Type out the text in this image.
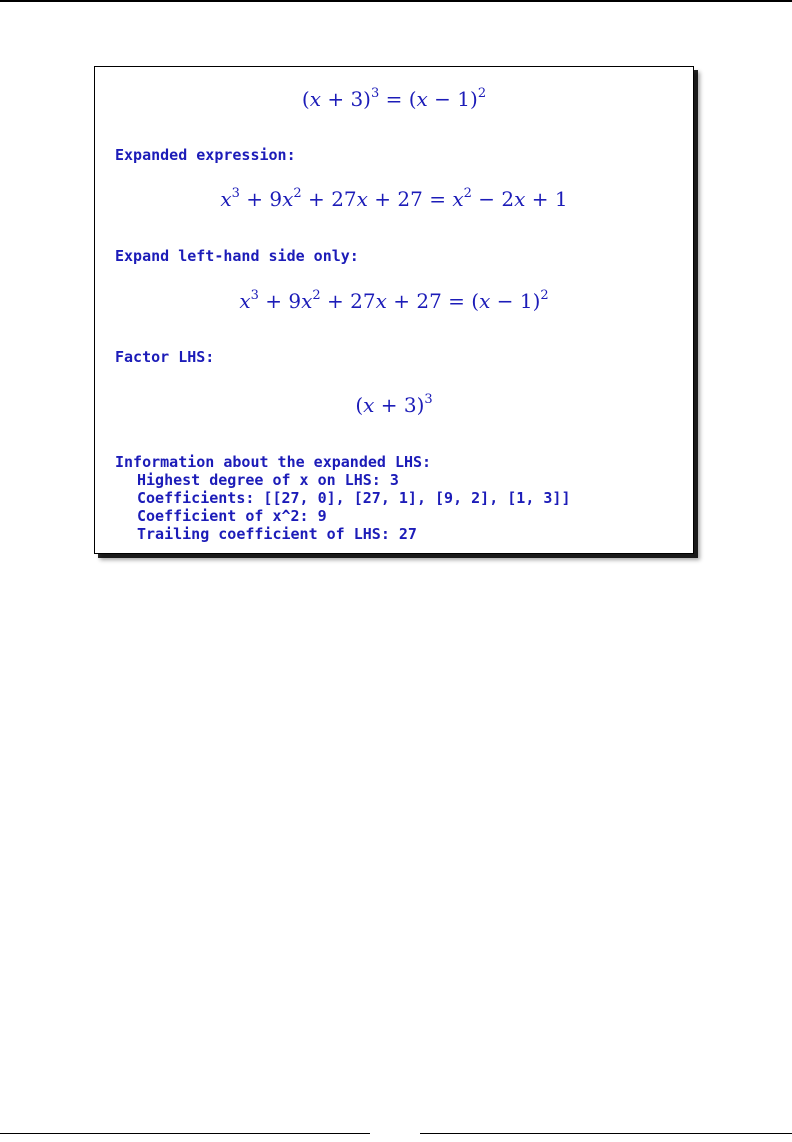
$(x + 3)^3 = (x - 1)^2$
Expanded expression:
$x^3 + 9x^2 + 27x + 27 = x^2 - 2x + 1$
Expand left-hand side only:
$x^3 + 9x^2 + 27x + 27 = (x - 1)^2$
Factor LHS:
$(x + 3)^3$
Information about the expanded LHS:
Highest degree of x on LHS: 3
Coefficients: [[27, 0], [27, 1], [9, 2], [1, 3]]
Coefficient of x^2: 9
Trailing coefficient of LHS: 27
